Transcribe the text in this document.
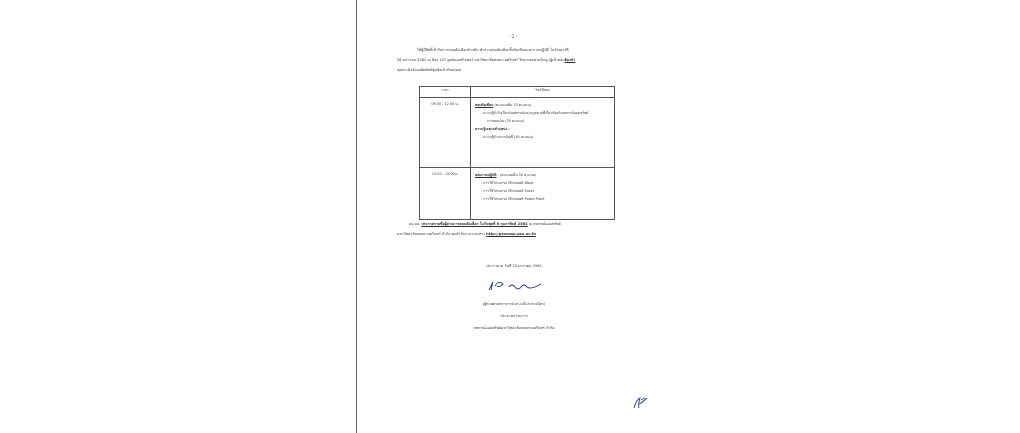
- 2 -
ให้ผู้มีสิทธิ์เข้ารับการสอบคัดเลือกข้างต้น ทำการสอบคัดเลือกทั้งข้อเขียนและภาคปฏิบัติ ในวันเสาร์ที่
26 มกราคม 2562 ณ ห้อง 107 ศูนย์คอมพิวเตอร์ มหาวิทยาลัยสงขลานครินทร์ วิทยาเขตหาดใหญ่ (ผู้เข้าสอบต้องนำ
ชุดประมิลลังจอผิดพัสต์ชุดข้อเข้าห้องสอบ)
เวลา	วิชาที่สอบ
09.00 - 12.00 น.	สอบข้อเขียน (คะแนนเต็ม 75 คะแนน)
- ความรู้ทั่วไปเกี่ยวกับสหกรณ์และกฎหมายที่เกี่ยวข้องกับสหกรณ์ออมทรัพย์
การสอบเงิน (25 คะแนน)
ความรู้เฉพาะตำแหน่ง :
- ความรู้ด้านการบัญชี (50 คะแนน)

13.00 - 15.00น.	สอบภาคปฏิบัติ : (คะแนนเต็ม 30 คะแนน)
- การใช้โปรแกรม Microsoft Word
- การใช้โปรแกรม Microsoft Excel
- การใช้โปรแกรม Microsoft Power Point
สอ.มอ. ประกาศรายชื่อผู้ผ่านการสอบคัดเลือก ในวันพุธที่ 6 กุมภาพันธ์ 2562 ณ สหกรณ์ออมทรัพย์
มหาวิทยาลัยสงขลานครินทร์ จำกัด ทุกสำนักงาน และทาง http://psucoop.psu.ac.th
ประกาศ ณ วันที่ 23 มกราคม 2562
(ผู้ช่วยศาสตราจารย์ ดร.มณี สะพวงมิตร)
ประธานกรรมการ
สหกรณ์ออมทรัพย์มหาวิทยาลัยสงขลานครินทร์ จำกัด
